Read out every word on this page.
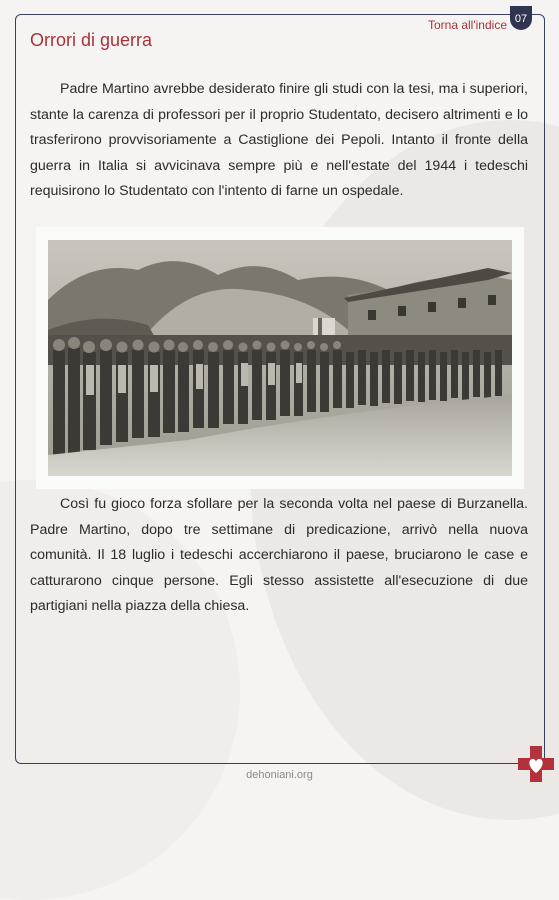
07
Torna all'indice
Orrori di guerra

Padre Martino avrebbe desiderato finire gli studi con la tesi, ma i superiori, stante la carenza di professori per il proprio Studentato, decisero altrimenti e lo trasferirono provvisoriamente a Castiglione dei Pepoli. Intanto il fronte della guerra in Italia si avvicinava sempre più e nell'estate del 1944 i tedeschi requisirono lo Studentato con l'intento di farne un ospedale.

Così fu gioco forza sfollare per la seconda volta nel paese di Burzanella. Padre Martino, dopo tre settimane di predicazione, arrivò nella nuova comunità. Il 18 luglio i tedeschi accerchiarono il paese, bruciarono le case e catturarono cinque persone. Egli stesso assistette all'esecuzione di due partigiani nella piazza della chiesa.

dehoniani.org
